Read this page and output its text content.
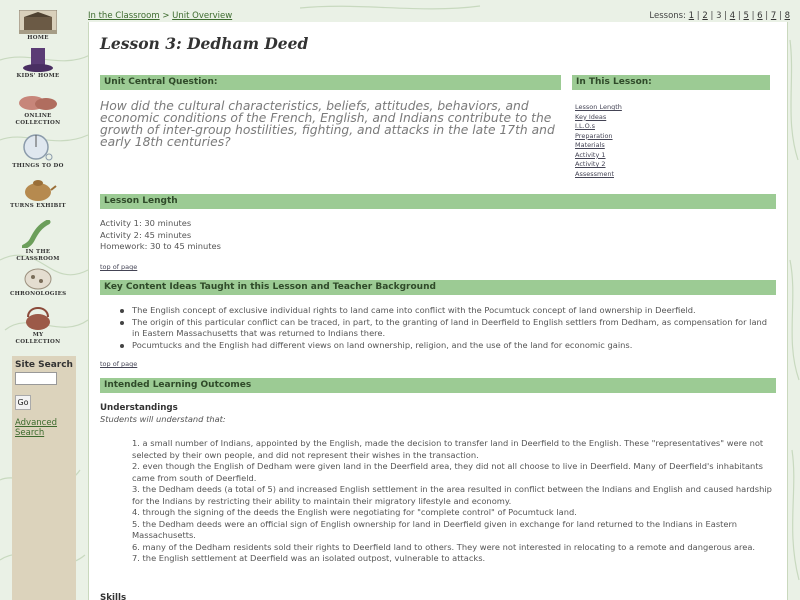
HOME
KIDS' HOME
ONLINE COLLECTION
THINGS TO DO
TURNS EXHIBIT
IN THE CLASSROOM
CHRONOLOGIES
MY COLLECTION
Site Search
Go
Advanced Search
In the Classroom > Unit Overview	Lessons: 1 | 2 | 3 | 4 | 5 | 6 | 7 | 8
Lesson 3: Dedham Deed
Unit Central Question:	In This Lesson:

How did the cultural characteristics, beliefs, attitudes, behaviors, and economic conditions of the French, English, and Indians contribute to the growth of inter-group hostilities, fighting, and attacks in the late 17th and early 18th centuries?

Lesson Length
Key Ideas
I.L.O.s
Preparation
Materials
Activity 1
Activity 2
Assessment
Lesson Length
Activity 1: 30 minutes
Activity 2: 45 minutes
Homework: 30 to 45 minutes
top of page
Key Content Ideas Taught in this Lesson and Teacher Background
The English concept of exclusive individual rights to land came into conflict with the Pocumtuck concept of land ownership in Deerfield.
The origin of this particular conflict can be traced, in part, to the granting of land in Deerfield to English settlers from Dedham, as compensation for land in Eastern Massachusetts that was returned to Indians there.
Pocumtucks and the English had different views on land ownership, religion, and the use of the land for economic gains.
top of page
Intended Learning Outcomes
Understandings
Students will understand that:
1. a small number of Indians, appointed by the English, made the decision to transfer land in Deerfield to the English. These "representatives" were not selected by their own people, and did not represent their wishes in the transaction.
2. even though the English of Dedham were given land in the Deerfield area, they did not all choose to live in Deerfield. Many of Deerfield's inhabitants came from south of Deerfield.
3. the Dedham deeds (a total of 5) and increased English settlement in the area resulted in conflict between the Indians and English and caused hardship for the Indians by restricting their ability to maintain their migratory lifestyle and economy.
4. through the signing of the deeds the English were negotiating for "complete control" of Pocumtuck land.
5. the Dedham deeds were an official sign of English ownership for land in Deerfield given in exchange for land returned to the Indians in Eastern Massachusetts.
6. many of the Dedham residents sold their rights to Deerfield land to others. They were not interested in relocating to a remote and dangerous area.
7. the English settlement at Deerfield was an isolated outpost, vulnerable to attacks.
Skills
